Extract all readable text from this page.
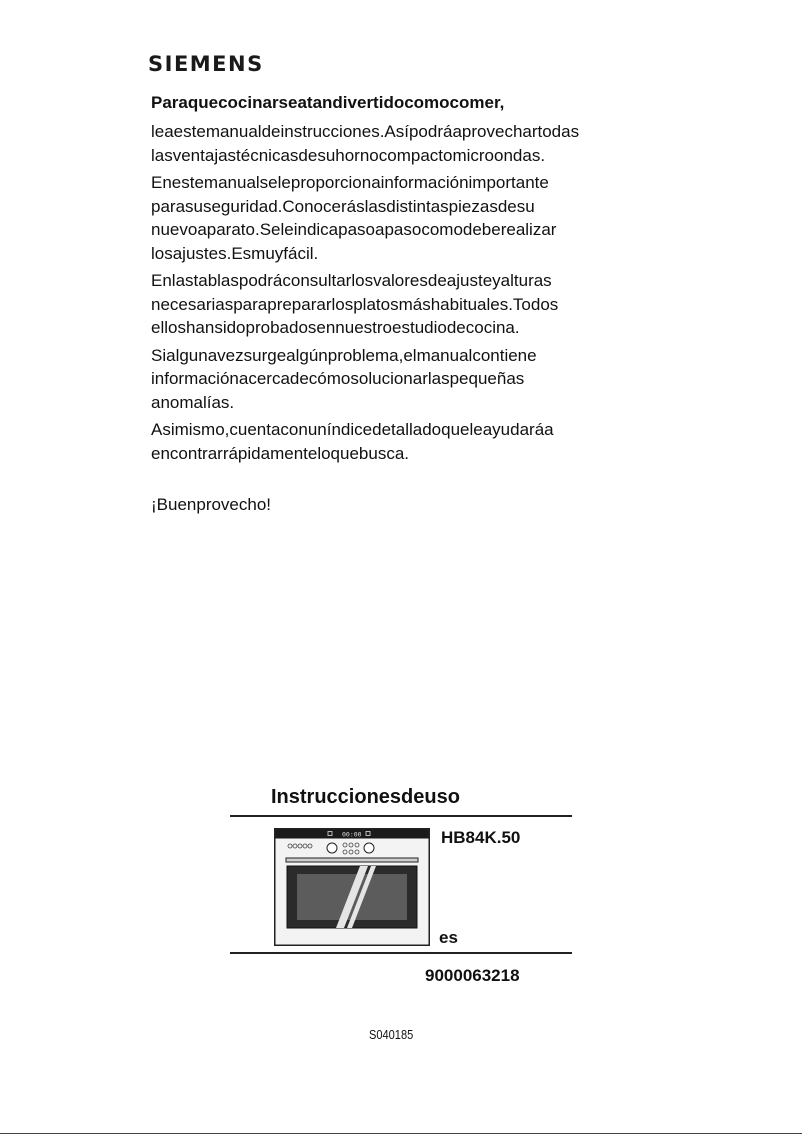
SIEMENS

Paraquecocinarseatandivertidocomocomer,

leaestemanualdeinstrucciones.Asípodráaprovechartodas
lasventajastécnicasdesuhornocompactomicroondas.

Enestemanualseleproporcionainformaciónimportante
parasuseguridad.Conoceráslasdistintaspiezasdesu
nuevoaparato.Seleindicapasoapasocomodeberealizar
losajustes.Esmuyfácil.

Enlastablaspodráconsultarlosvaloresdeajusteyalturas
necesariasparaprepararlosplatosmáshabituales.Todos
elloshansidoprobadosennuestroestudiodecocina.

Sialgunavezsurgealgúnproblema,elmanualcontiene
informaciónacercadecómosolucionarlaspequeñas
anomalías.

Asimismo,cuentaconuníndicedetalladoqueleayudaráa
encontrarrápidamenteloquebusca.

¡Buenprovecho!
Instruccionesdeuso
00:00	HB84K.50
es
9000063218
S040185
